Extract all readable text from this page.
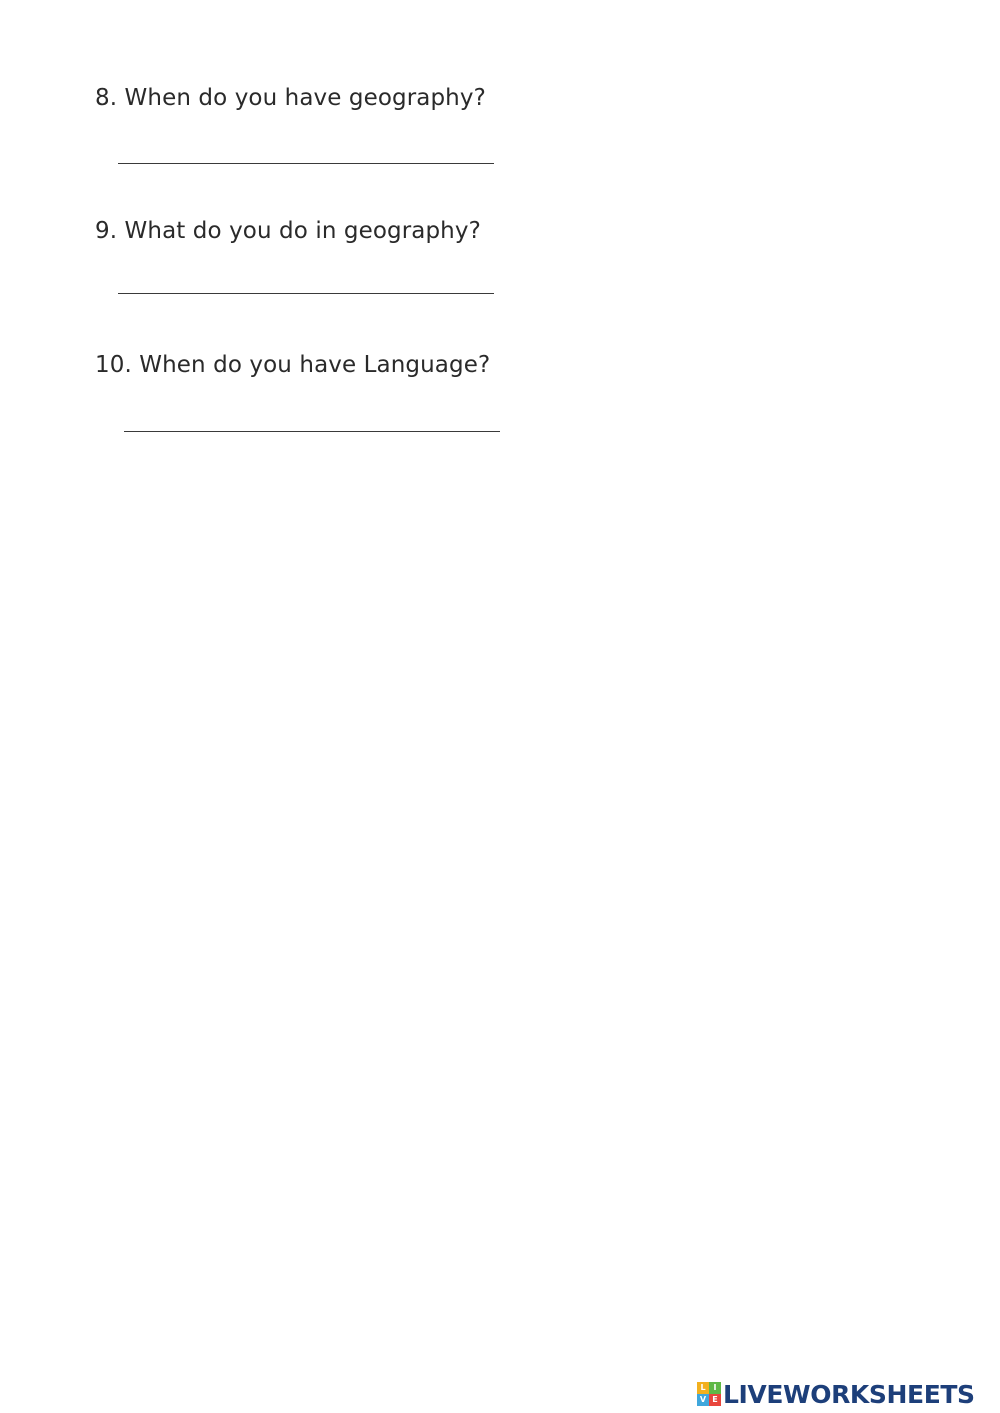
8. When do you have geography?
9. What do you do in geography?
10. When do you have Language?
L I
V E LIVEWORKSHEETS
